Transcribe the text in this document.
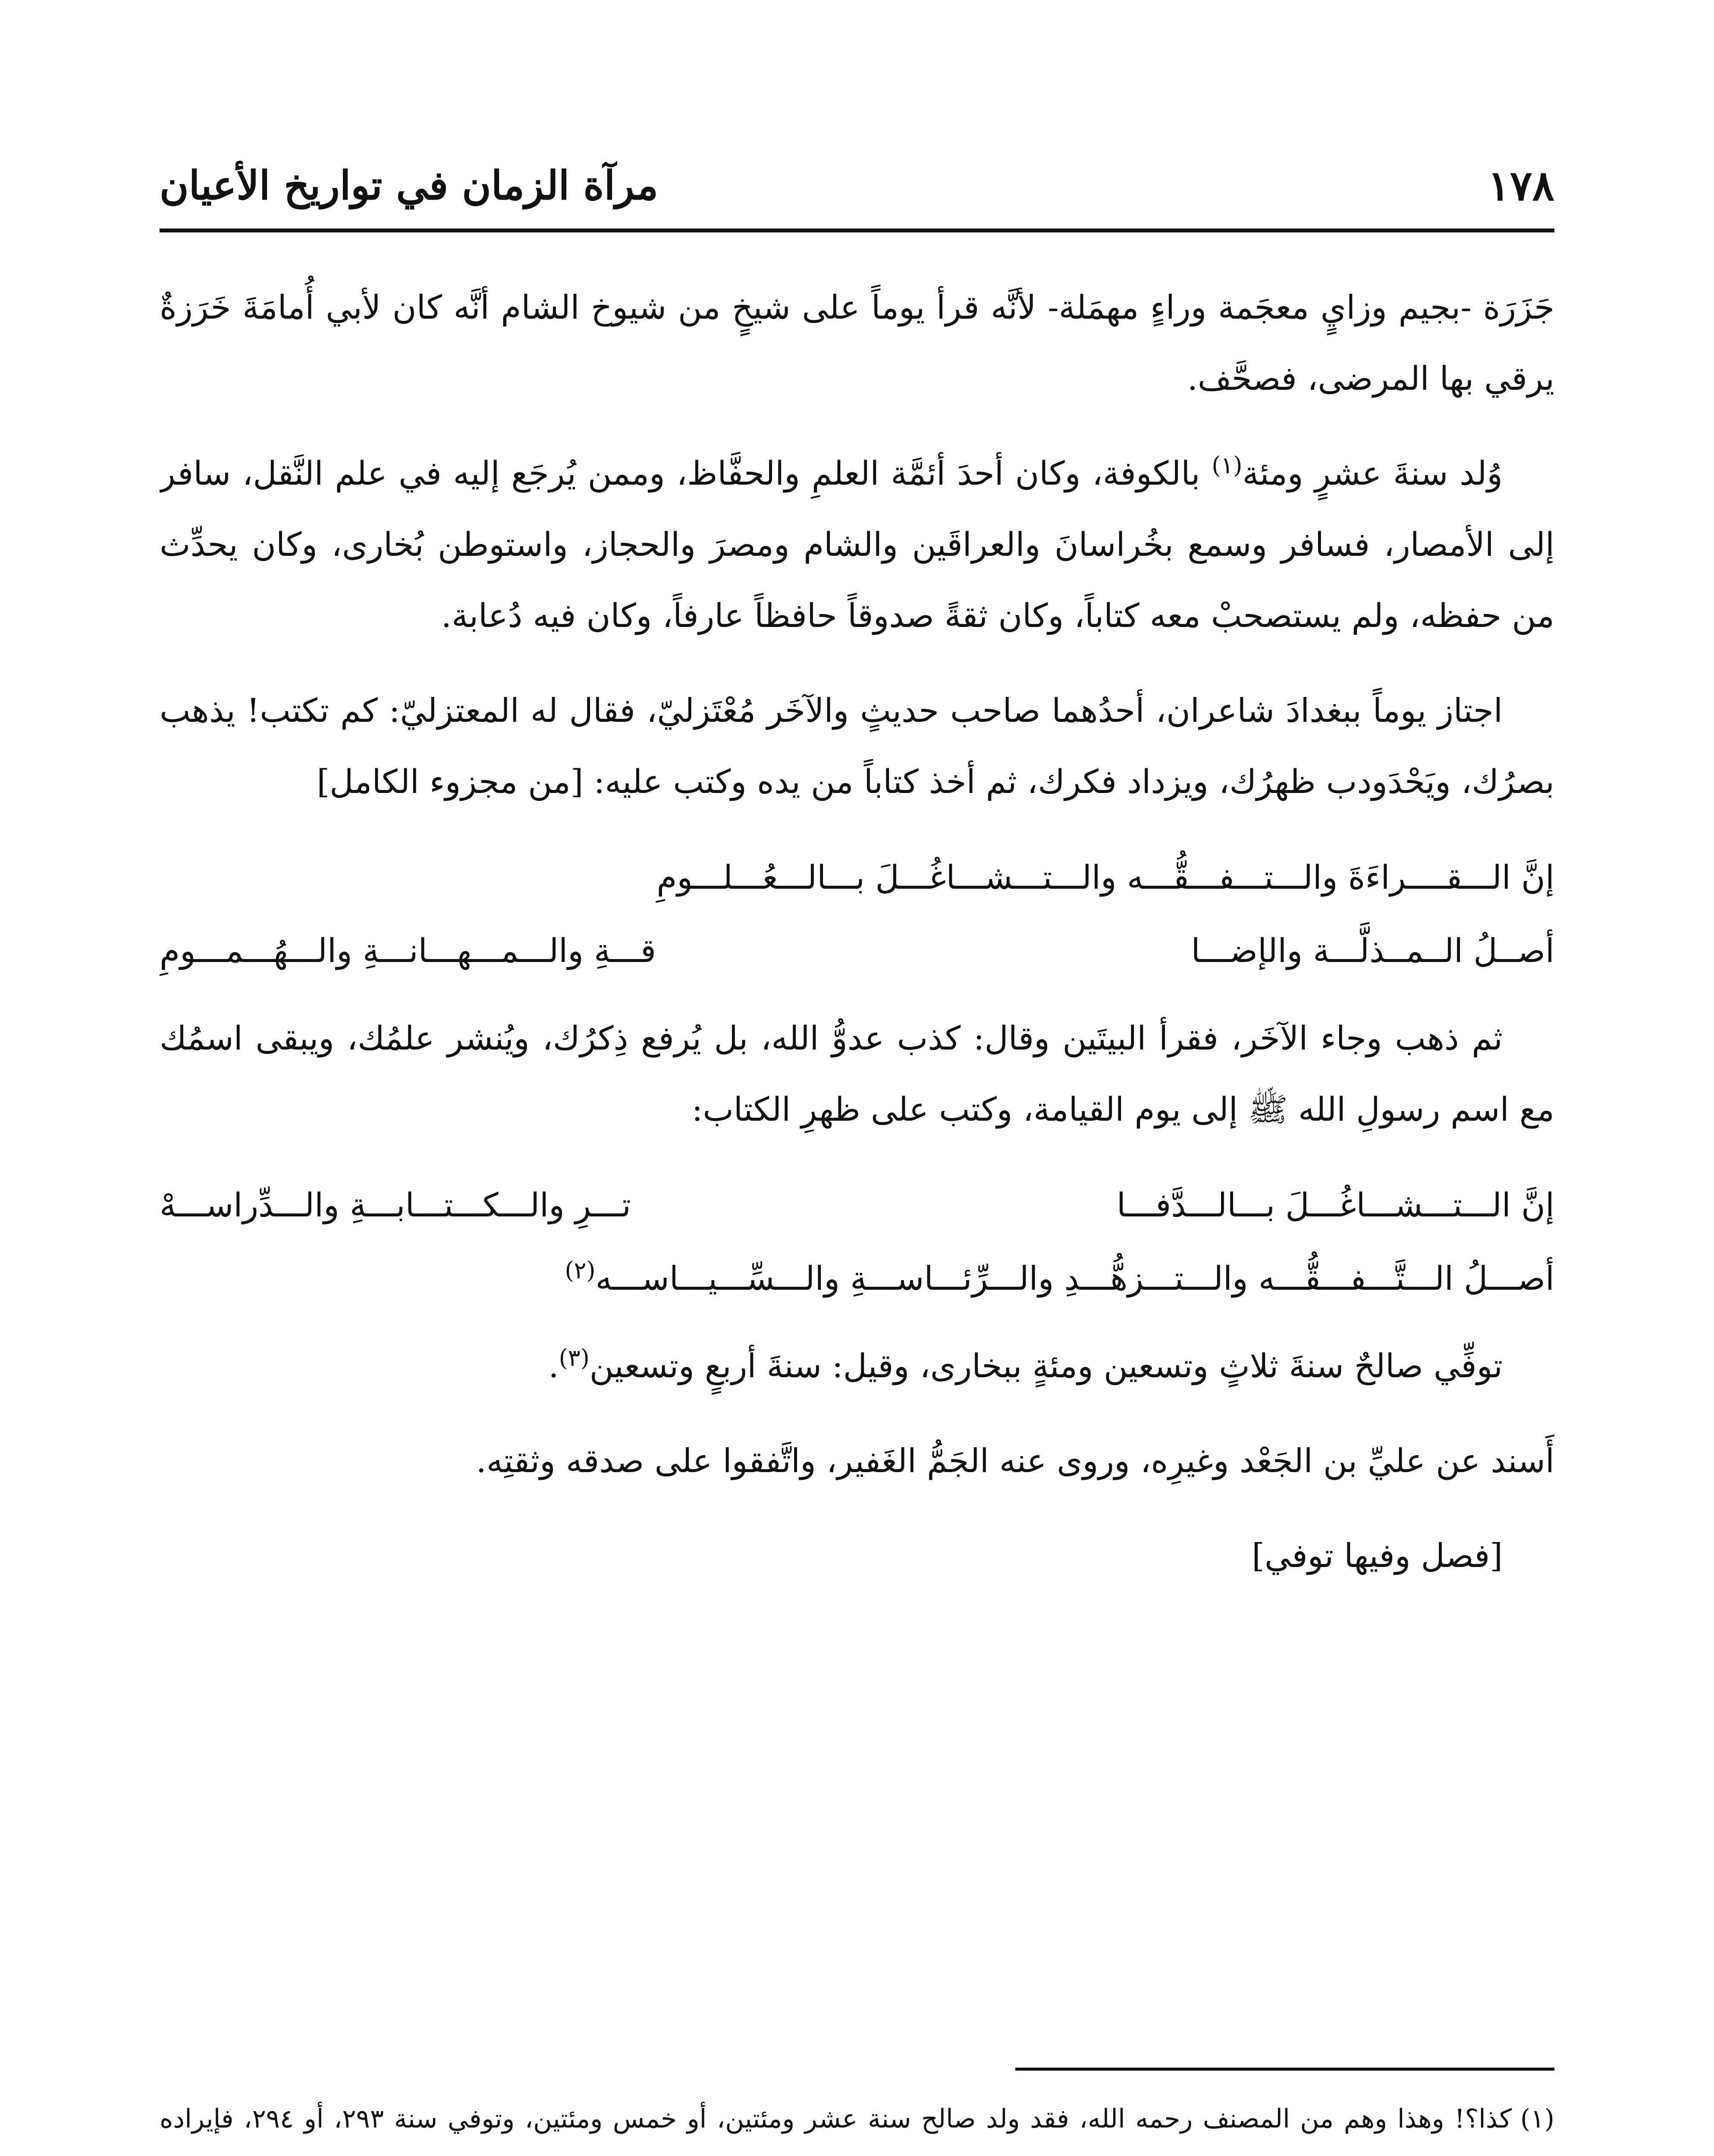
١٧٨
مرآة الزمان في تواريخ الأعيان

جَزَرَة -بجيم وزايٍ معجَمة وراءٍ مهمَلة- لأنَّه قرأ يوماً على شيخٍ من شيوخ الشام أنَّه كان لأبي أُمامَةَ خَرَزةٌ يرقي بها المرضى، فصحَّف.

وُلد سنةَ عشرٍ ومئة$^{(١)}$ بالكوفة، وكان أحدَ أئمَّة العلمِ والحفَّاظ، وممن يُرجَع إليه في علم النَّقل، سافر إلى الأمصار، فسافر وسمع بخُراسانَ والعراقَين والشام ومصرَ والحجاز، واستوطن بُخارى، وكان يحدِّث من حفظه، ولم يستصحبْ معه كتاباً، وكان ثقةً صدوقاً حافظاً عارفاً، وكان فيه دُعابة.

اجتاز يوماً ببغدادَ شاعران، أحدُهما صاحب حديثٍ والآخَر مُعْتَزليّ، فقال له المعتزليّ: كم تكتب! يذهب بصرُك، ويَحْدَودب ظهرُك، ويزداد فكرك، ثم أخذ كتاباً من يده وكتب عليه: [من مجزوء الكامل]

إنَّ الـــقــــراءَةَ والـــتـــفـــقُّـــه والـــتـــشـــاغُـــلَ بـــالـــعُـــلـــومِ
أصــلُ الــمــذلَّـــة والإضـــا
قـــةِ والـــمـــهـــانـــةِ والـــهُـــمـــومِ

ثم ذهب وجاء الآخَر، فقرأ البيتَين وقال: كذب عدوُّ الله، بل يُرفع ذِكرُك، ويُنشر علمُك، ويبقى اسمُك مع اسم رسولِ الله ﷺ إلى يوم القيامة، وكتب على ظهرِ الكتاب:

إنَّ الـــتـــشـــاغُـــلَ بـــالـــدَّفـــا
تـــرِ والـــكـــتـــابـــةِ والـــدِّراســـهْ
أصـــلُ الـــتَّـــفـــقُّـــه والـــتـــزهُّـــدِ والـــرِّئـــاســـةِ والـــسِّـــيـــاســـه$^{(٢)}$

توفِّي صالحٌ سنةَ ثلاثٍ وتسعين ومئةٍ ببخارى، وقيل: سنةَ أربعٍ وتسعين$^{(٣)}$.

أَسند عن عليِّ بن الجَعْد وغيرِه، وروى عنه الجَمُّ الغَفير، واتَّفقوا على صدقه وثقتِه.

[فصل وفيها توفي]

(١)كذا؟! وهذا وهم من المصنف رحمه الله، فقد ولد صالح سنة عشر ومئتين، أو خمس ومئتين، وتوفي سنة ٢٩٣، أو ٢٩٤، فإيراده
